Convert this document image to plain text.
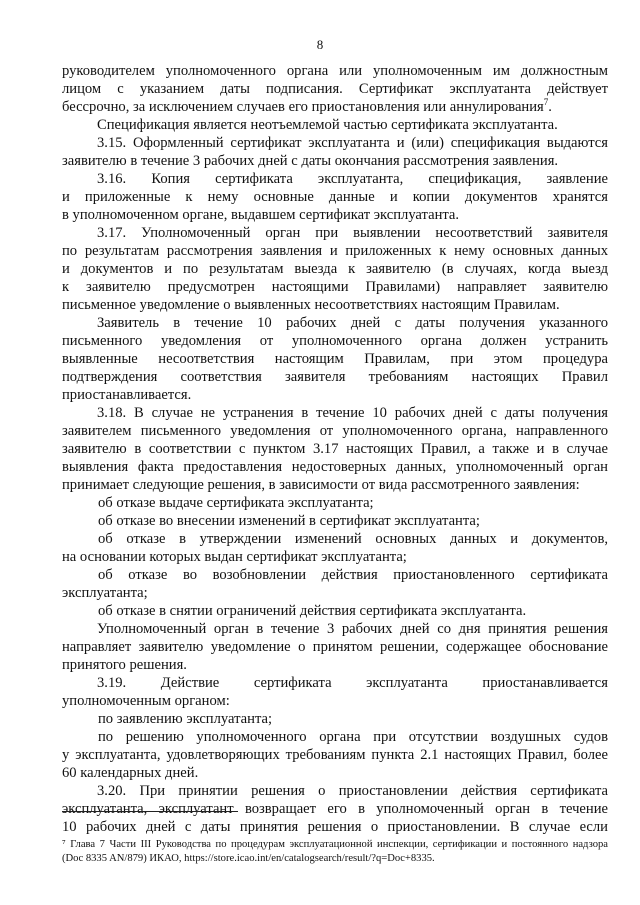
8
руководителем уполномоченного органа или уполномоченным им должностным
лицом с указанием даты подписания. Сертификат эксплуатанта действует
бессрочно, за исключением случаев его приостановления или аннулирования$^7$.
Спецификация является неотъемлемой частью сертификата эксплуатанта.
3.15. Оформленный сертификат эксплуатанта и (или) спецификация выдаются
заявителю в течение 3 рабочих дней с даты окончания рассмотрения заявления.
3.16. Копия сертификата эксплуатанта, спецификация, заявление
и приложенные к нему основные данные и копии документов хранятся
в уполномоченном органе, выдавшем сертификат эксплуатанта.
3.17. Уполномоченный орган при выявлении несоответствий заявителя
по результатам рассмотрения заявления и приложенных к нему основных данных
и документов и по результатам выезда к заявителю (в случаях, когда выезд
к заявителю предусмотрен настоящими Правилами) направляет заявителю
письменное уведомление о выявленных несоответствиях настоящим Правилам.
Заявитель в течение 10 рабочих дней с даты получения указанного
письменного уведомления от уполномоченного органа должен устранить
выявленные несоответствия настоящим Правилам, при этом процедура
подтверждения соответствия заявителя требованиям настоящих Правил
приостанавливается.
3.18. В случае не устранения в течение 10 рабочих дней с даты получения
заявителем письменного уведомления от уполномоченного органа, направленного
заявителю в соответствии с пунктом 3.17 настоящих Правил, а также и в случае
выявления факта предоставления недостоверных данных, уполномоченный орган
принимает следующие решения, в зависимости от вида рассмотренного заявления:
об отказе выдаче сертификата эксплуатанта;
об отказе во внесении изменений в сертификат эксплуатанта;
об отказе в утверждении изменений основных данных и документов,
на основании которых выдан сертификат эксплуатанта;
об отказе во возобновлении действия приостановленного сертификата
эксплуатанта;
об отказе в снятии ограничений действия сертификата эксплуатанта.
Уполномоченный орган в течение 3 рабочих дней со дня принятия решения
направляет заявителю уведомление о принятом решении, содержащее обоснование
принятого решения.
3.19. Действие сертификата эксплуатанта приостанавливается
уполномоченным органом:
по заявлению эксплуатанта;
по решению уполномоченного органа при отсутствии воздушных судов
у эксплуатанта, удовлетворяющих требованиям пункта 2.1 настоящих Правил, более
60 календарных дней.
3.20. При принятии решения о приостановлении действия сертификата
эксплуатанта, эксплуатант возвращает его в уполномоченный орган в течение
10 рабочих дней с даты принятия решения о приостановлении. В случае если
⁷ Глава 7 Части III Руководства по процедурам эксплуатационной инспекции, сертификации и постоянного надзора
(Doc 8335 AN/879) ИКАО, https://store.icao.int/en/catalogsearch/result/?q=Doc+8335.
